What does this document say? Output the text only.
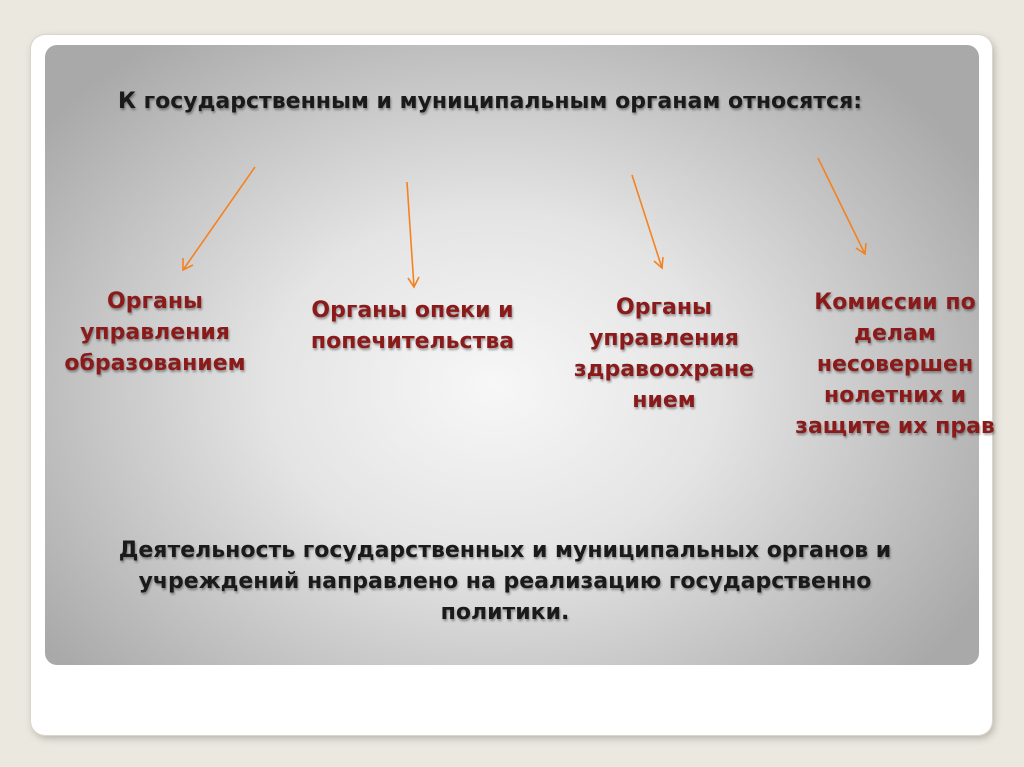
К государственным и муниципальным органам относятся:
Органы управления образованием
Органы опеки и попечительства
Органы управления здравоохране нием
Комиссии по делам несовершен нолетних и защите их прав
Деятельность государственных и муниципальных органов и учреждений направлено на реализацию государственно политики.
